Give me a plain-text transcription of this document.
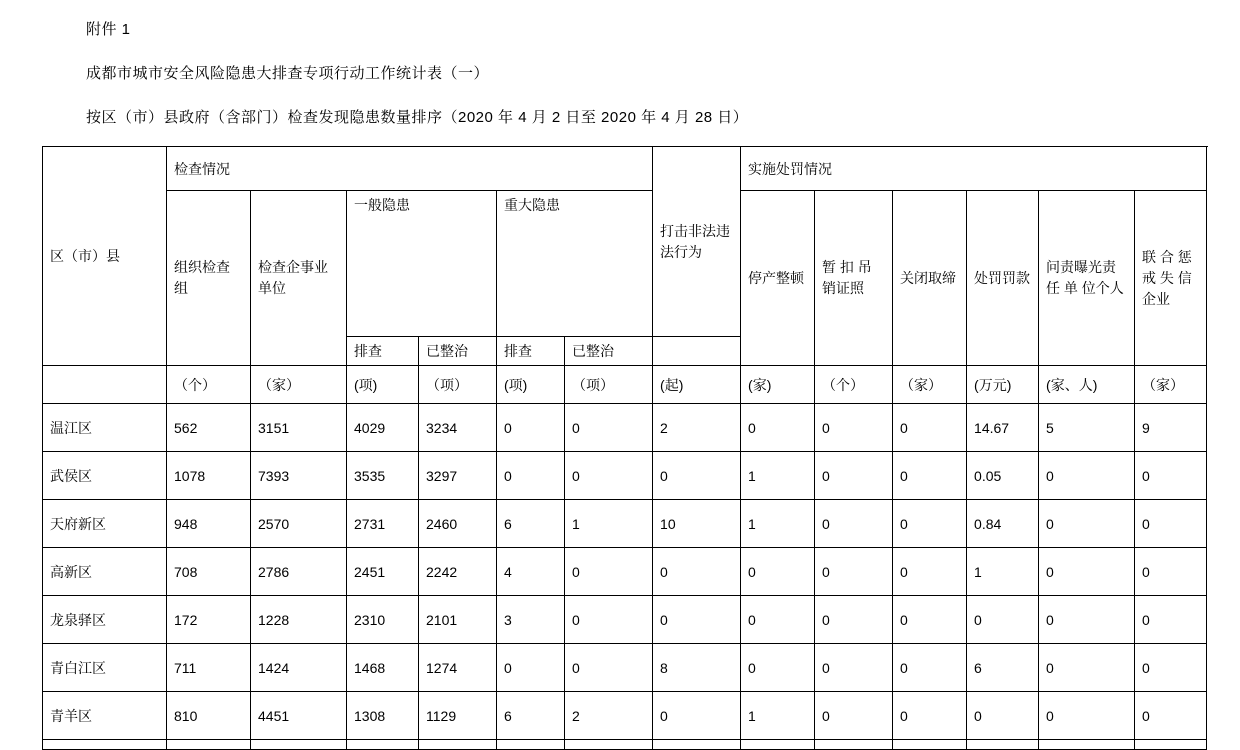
附件 1

成都市城市安全风险隐患大排查专项行动工作统计表（一）

按区（市）县政府（含部门）检查发现隐患数量排序（2020 年 4 月 2 日至 2020 年 4 月 28 日）

区（市）县	检查情况						打击非法违法行为	实施处罚情况					

	组织检查组	检查企事业单位	一般隐患		重大隐患			停产整顿	暂 扣 吊 销证照	关闭取缔	处罚罚款	问责曝光责 任 单 位个人	联 合 惩戒 失 信企业

			排查	已整治	排查	已整治							
	（个）	（家）	(项)	（项）	(项)	（项）	(起)	(家)	（个）	（家）	(万元)	(家、人)	（家）
温江区	562	3151	4029	3234	0	0	2	0	0	0	14.67	5	9
武侯区	1078	7393	3535	3297	0	0	0	1	0	0	0.05	0	0
天府新区	948	2570	2731	2460	6	1	10	1	0	0	0.84	0	0
高新区	708	2786	2451	2242	4	0	0	0	0	0	1	0	0
龙泉驿区	172	1228	2310	2101	3	0	0	0	0	0	0	0	0
青白江区	711	1424	1468	1274	0	0	8	0	0	0	6	0	0
青羊区	810	4451	1308	1129	6	2	0	1	0	0	0	0	0
